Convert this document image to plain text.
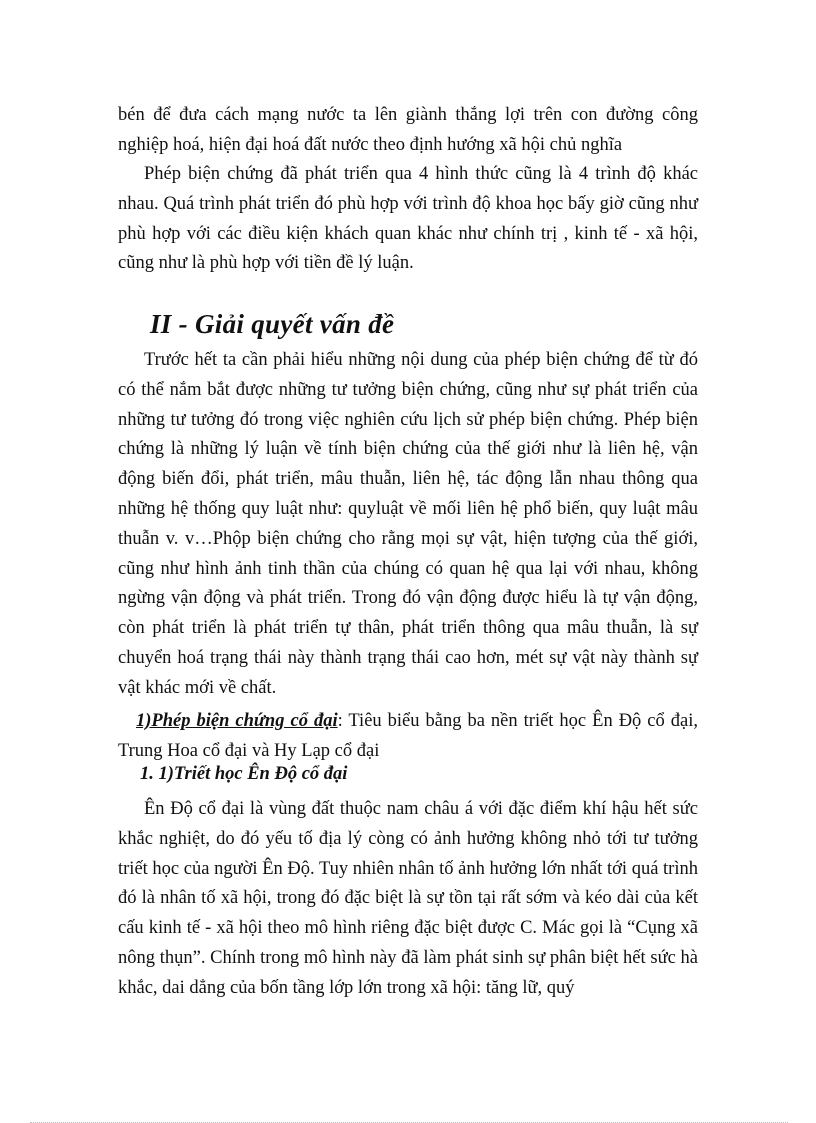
bén để đưa cách mạng nước ta lên giành thắng lợi trên con đường công nghiệp hoá, hiện đại hoá đất nước theo định hướng xã hội chủ nghĩa

Phép biện chứng đã phát triển qua 4 hình thức cũng là 4 trình độ khác nhau. Quá trình phát triển đó phù hợp với trình độ khoa học bấy giờ cũng như phù hợp với các điều kiện khách quan khác như chính trị , kinh tế - xã hội, cũng như là phù hợp với tiền đề lý luận.

II - Giải quyết vấn đề

Trước hết ta cần phải hiểu những nội dung của phép biện chứng để từ đó có thể nắm bắt được những tư tưởng biện chứng, cũng như sự phát triển của những tư tưởng đó trong việc nghiên cứu lịch sử phép biện chứng. Phép biện chứng là những lý luận về tính biện chứng của thế giới như là liên hệ, vận động biến đổi, phát triển, mâu thuẫn, liên hệ, tác động lẫn nhau thông qua những hệ thống quy luật như: quyluật về mối liên hệ phổ biến, quy luật mâu thuẫn v. v…Phộp biện chứng cho rằng mọi sự vật, hiện tượng của thế giới, cũng như hình ảnh tinh thần của chúng có quan hệ qua lại với nhau, không ngừng vận động và phát triển. Trong đó vận động được hiểu là tự vận động, còn phát triển là phát triển tự thân, phát triển thông qua mâu thuẫn, là sự chuyển hoá trạng thái này thành trạng thái cao hơn, mét sự vật này thành sự vật khác mới về chất.

1)Phép biện chứng cổ đại: Tiêu biểu bằng ba nền triết học Ên Độ cổ đại, Trung Hoa cổ đại và Hy Lạp cổ đại

1. 1)Triết học Ên Độ cổ đại

Ên Độ cổ đại là vùng đất thuộc nam châu á với đặc điểm khí hậu hết sức khắc nghiệt, do đó yếu tố địa lý còng có ảnh hưởng không nhỏ tới tư tưởng triết học của người Ên Độ. Tuy nhiên nhân tố ảnh hưởng lớn nhất tới quá trình đó là nhân tố xã hội, trong đó đặc biệt là sự tồn tại rất sớm và kéo dài của kết cấu kinh tế - xã hội theo mô hình riêng đặc biệt được C. Mác gọi là “Cụng xã nông thụn”. Chính trong mô hình này đã làm phát sinh sự phân biệt hết sức hà khắc, dai dẳng của bốn tầng lớp lớn trong xã hội: tăng lữ, quý
